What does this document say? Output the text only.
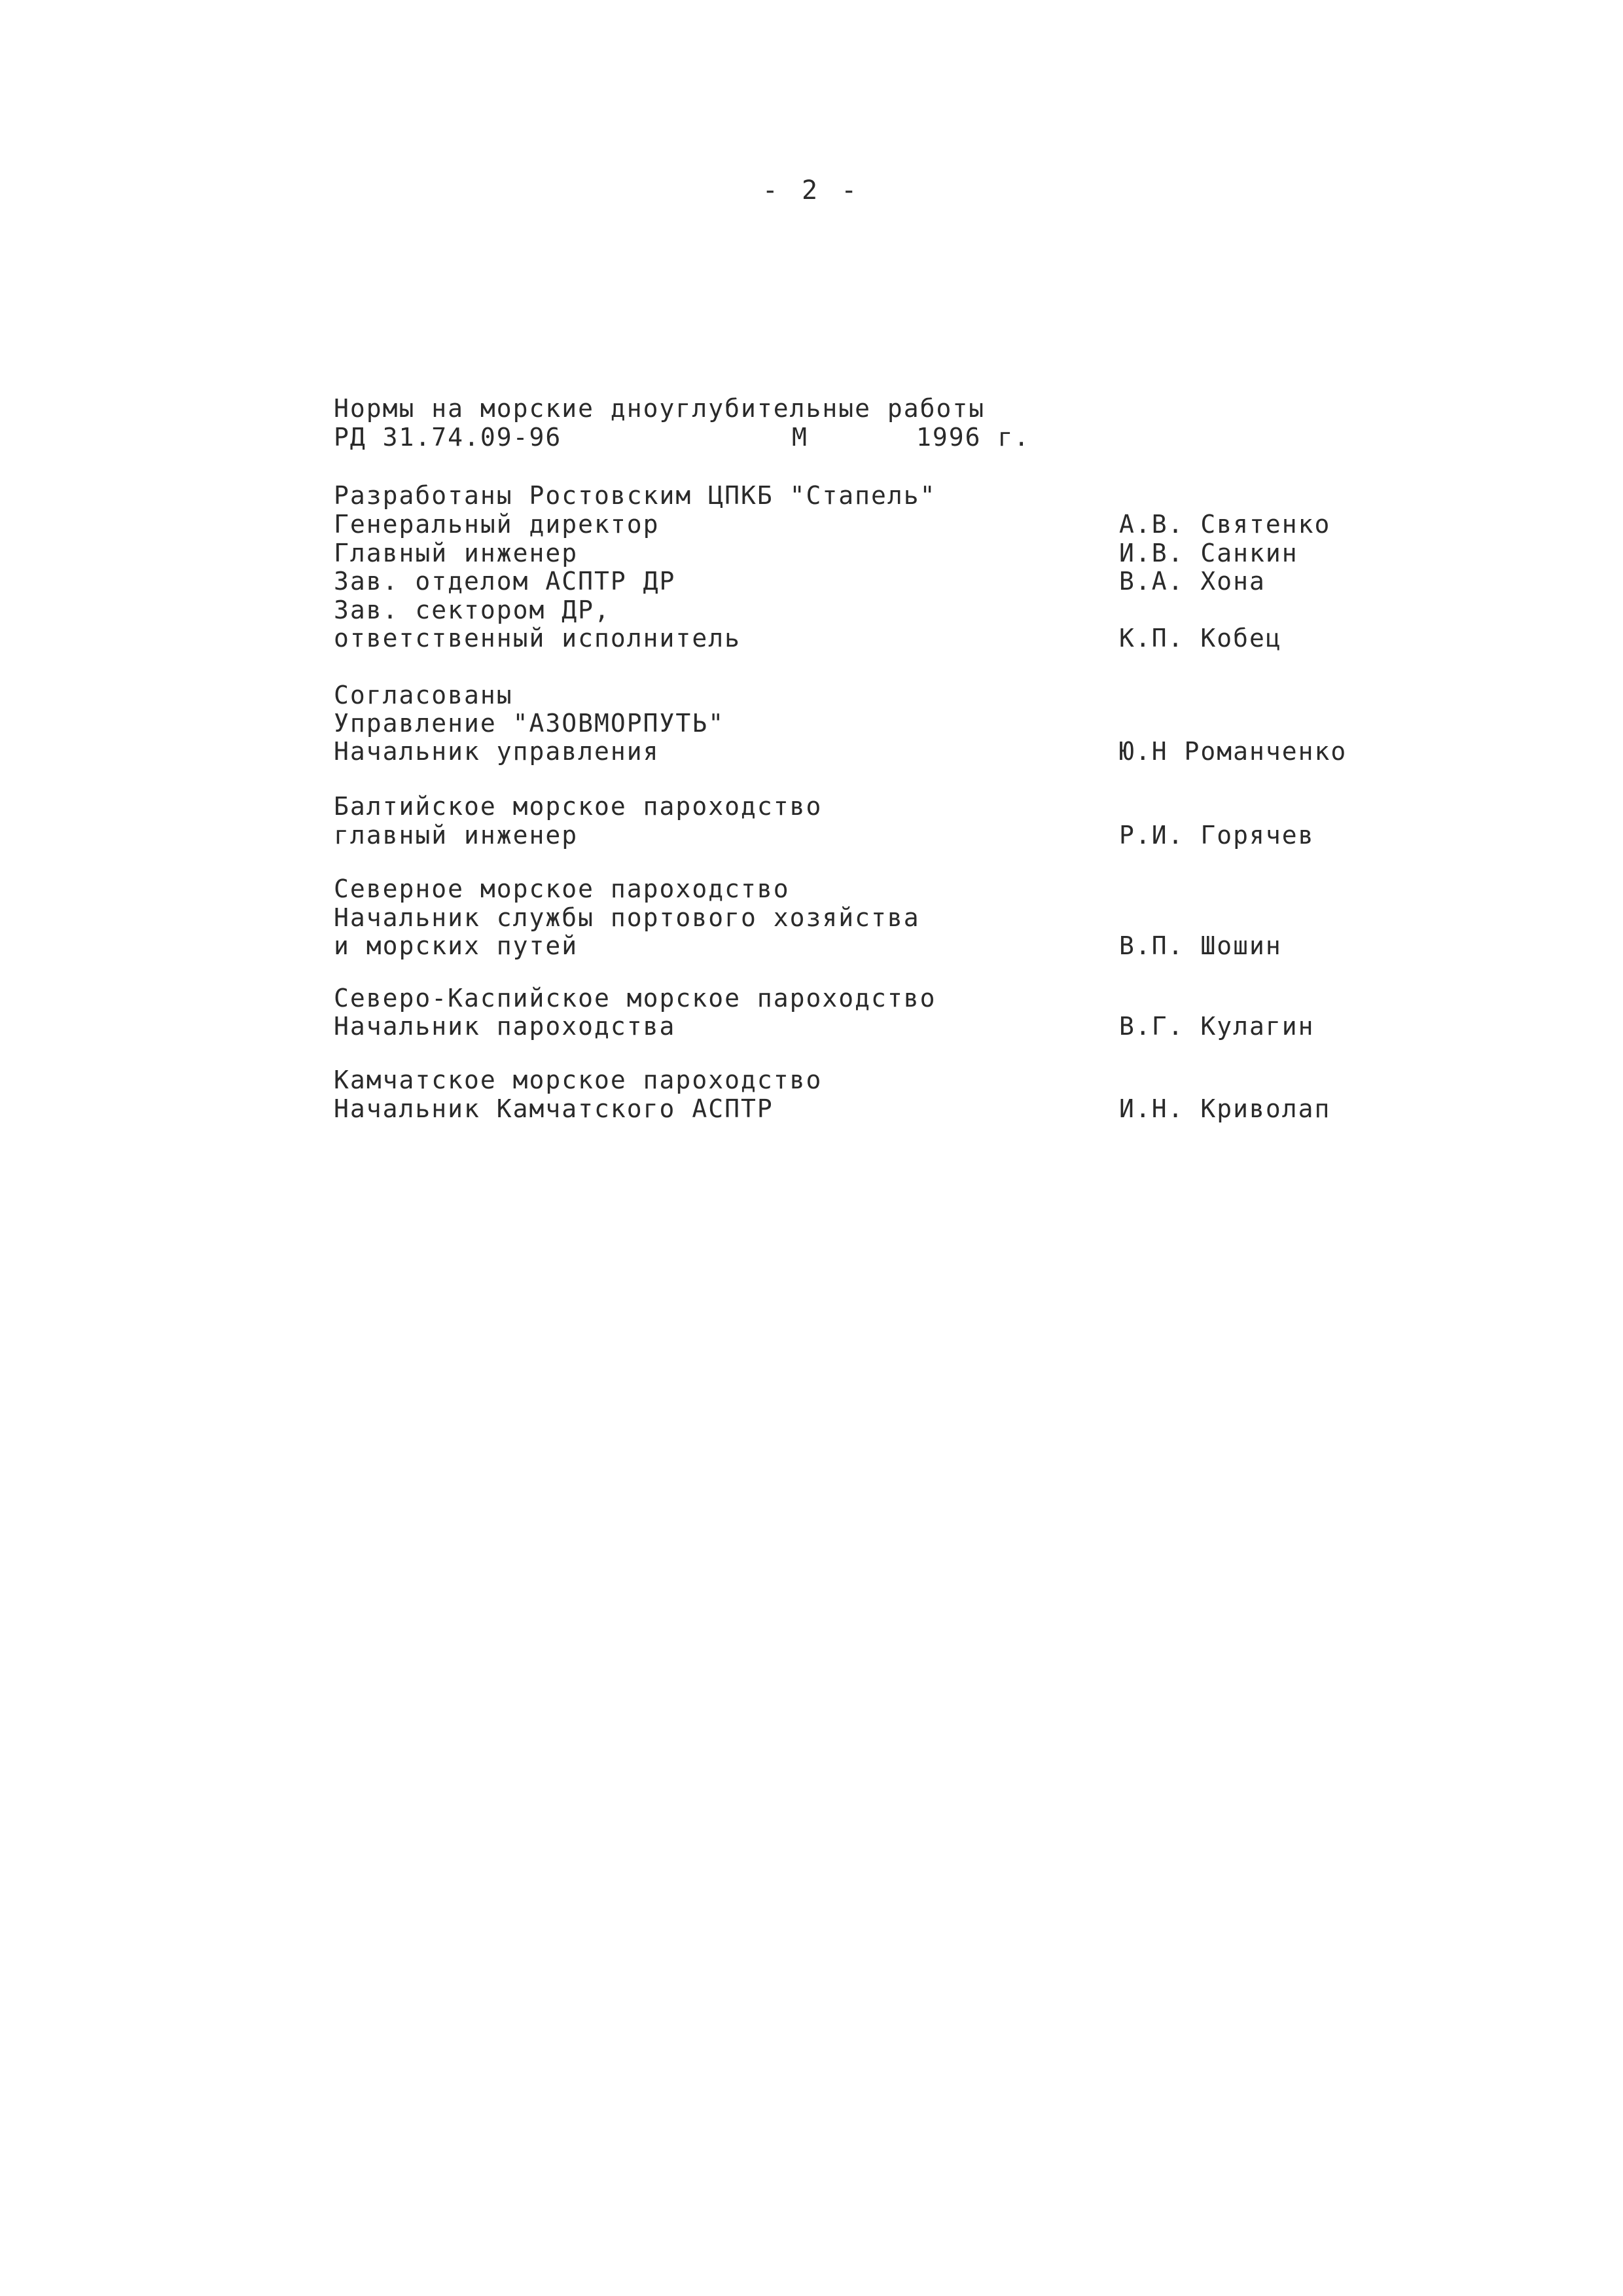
- 2 -
Нормы на морские дноуглубительные работы
РД 31.74.09-96	М	1996 г.
Разработаны Ростовским ЦПКБ "Стапель"
Генеральный директор	А.В. Святенко
Главный инженер	И.В. Санкин
Зав. отделом АСПТР ДР	В.А. Хона
Зав. сектором ДР,
ответственный исполнитель	К.П. Кобец
Согласованы
Управление "АЗОВМОРПУТЬ"
Начальник управления	Ю.Н Романченко
Балтийское морское пароходство
главный инженер	Р.И. Горячев
Северное морское пароходство
Начальник службы портового хозяйства
и морских путей	В.П. Шошин
Северо-Каспийское морское пароходство
Начальник пароходства	В.Г. Кулагин
Камчатское морское пароходство
Начальник Камчатского АСПТР	И.Н. Криволап
